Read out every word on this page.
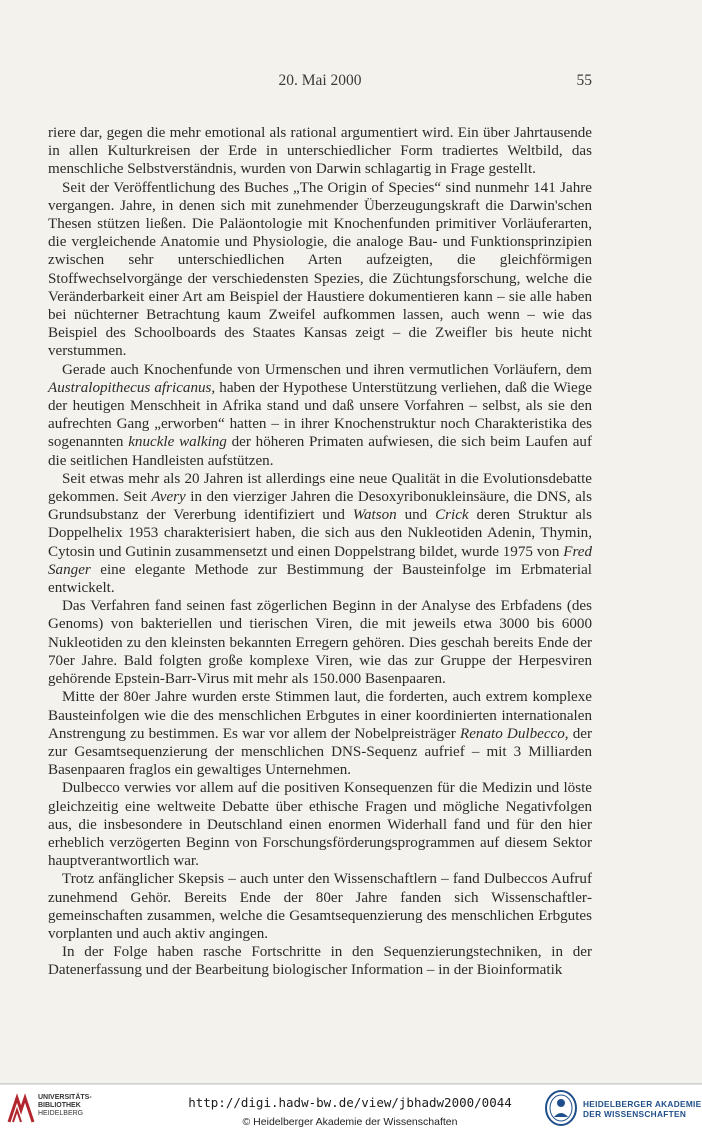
20. Mai 2000	55

riere dar, gegen die mehr emotional als rational argumentiert wird. Ein über Jahrtausende in allen Kulturkreisen der Erde in unterschiedlicher Form tradiertes Weltbild, das menschliche Selbstverständnis, wurden von Darwin schlagartig in Frage gestellt.

Seit der Veröffentlichung des Buches „The Origin of Species“ sind nunmehr 141 Jahre vergangen. Jahre, in denen sich mit zunehmender Überzeugungskraft die Darwin'schen Thesen stützen ließen. Die Paläontologie mit Knochenfunden primitiver Vorläuferarten, die vergleichende Anatomie und Physiologie, die analoge Bau- und Funktionsprinzipien zwischen sehr unterschiedlichen Arten aufzeigten, die gleichförmigen Stoffwechselvorgänge der verschiedensten Spezies, die Züchtungsforschung, welche die Veränderbarkeit einer Art am Beispiel der Haustiere dokumentieren kann – sie alle haben bei nüchterner Betrachtung kaum Zweifel aufkommen lassen, auch wenn – wie das Beispiel des Schoolboards des Staates Kansas zeigt – die Zweifler bis heute nicht verstummen.

Gerade auch Knochenfunde von Urmenschen und ihren vermutlichen Vorläufern, dem Australopithecus africanus, haben der Hypothese Unterstützung verliehen, daß die Wiege der heutigen Menschheit in Afrika stand und daß unsere Vorfahren – selbst, als sie den aufrechten Gang „erworben“ hatten – in ihrer Knochenstruktur noch Charakteristika des sogenannten knuckle walking der höheren Primaten aufwiesen, die sich beim Laufen auf die seitlichen Handleisten aufstützen.

Seit etwas mehr als 20 Jahren ist allerdings eine neue Qualität in die Evolutionsdebatte gekommen. Seit Avery in den vierziger Jahren die Desoxyribonukleinsäure, die DNS, als Grundsubstanz der Vererbung identifiziert und Watson und Crick deren Struktur als Doppelhelix 1953 charakterisiert haben, die sich aus den Nukleotiden Adenin, Thymin, Cytosin und Gutinin zusammensetzt und einen Doppelstrang bildet, wurde 1975 von Fred Sanger eine elegante Methode zur Bestimmung der Bausteinfolge im Erbmaterial entwickelt.

Das Verfahren fand seinen fast zögerlichen Beginn in der Analyse des Erbfadens (des Genoms) von bakteriellen und tierischen Viren, die mit jeweils etwa 3000 bis 6000 Nukleotiden zu den kleinsten bekannten Erregern gehören. Dies geschah bereits Ende der 70er Jahre. Bald folgten große komplexe Viren, wie das zur Gruppe der Herpesviren gehörende Epstein-Barr-Virus mit mehr als 150.000 Basenpaaren.

Mitte der 80er Jahre wurden erste Stimmen laut, die forderten, auch extrem komplexe Bausteinfolgen wie die des menschlichen Erbgutes in einer koordinierten internationalen Anstrengung zu bestimmen. Es war vor allem der Nobelpreisträger Renato Dulbecco, der zur Gesamtsequenzierung der menschlichen DNS-Sequenz aufrief – mit 3 Milliarden Basenpaaren fraglos ein gewaltiges Unternehmen.

Dulbecco verwies vor allem auf die positiven Konsequenzen für die Medizin und löste gleichzeitig eine weltweite Debatte über ethische Fragen und mögliche Negativfolgen aus, die insbesondere in Deutschland einen enormen Widerhall fand und für den hier erheblich verzögerten Beginn von Forschungsförderungsprogrammen auf diesem Sektor hauptverantwortlich war.

Trotz anfänglicher Skepsis – auch unter den Wissenschaftlern – fand Dulbeccos Aufruf zunehmend Gehör. Bereits Ende der 80er Jahre fanden sich Wissenschaftlergemeinschaften zusammen, welche die Gesamtsequenzierung des menschlichen Erbgutes vorplanten und auch aktiv angingen.

In der Folge haben rasche Fortschritte in den Sequenzierungstechniken, in der Datenerfassung und der Bearbeitung biologischer Information – in der Bioinformatik

UNIVERSITÄTS-
BIBLIOTHEK
HEIDELBERG
http://digi.hadw-bw.de/view/jbhadw2000/0044
© Heidelberger Akademie der Wissenschaften
HEIDELBERGER AKADEMIE
DER WISSENSCHAFTEN
